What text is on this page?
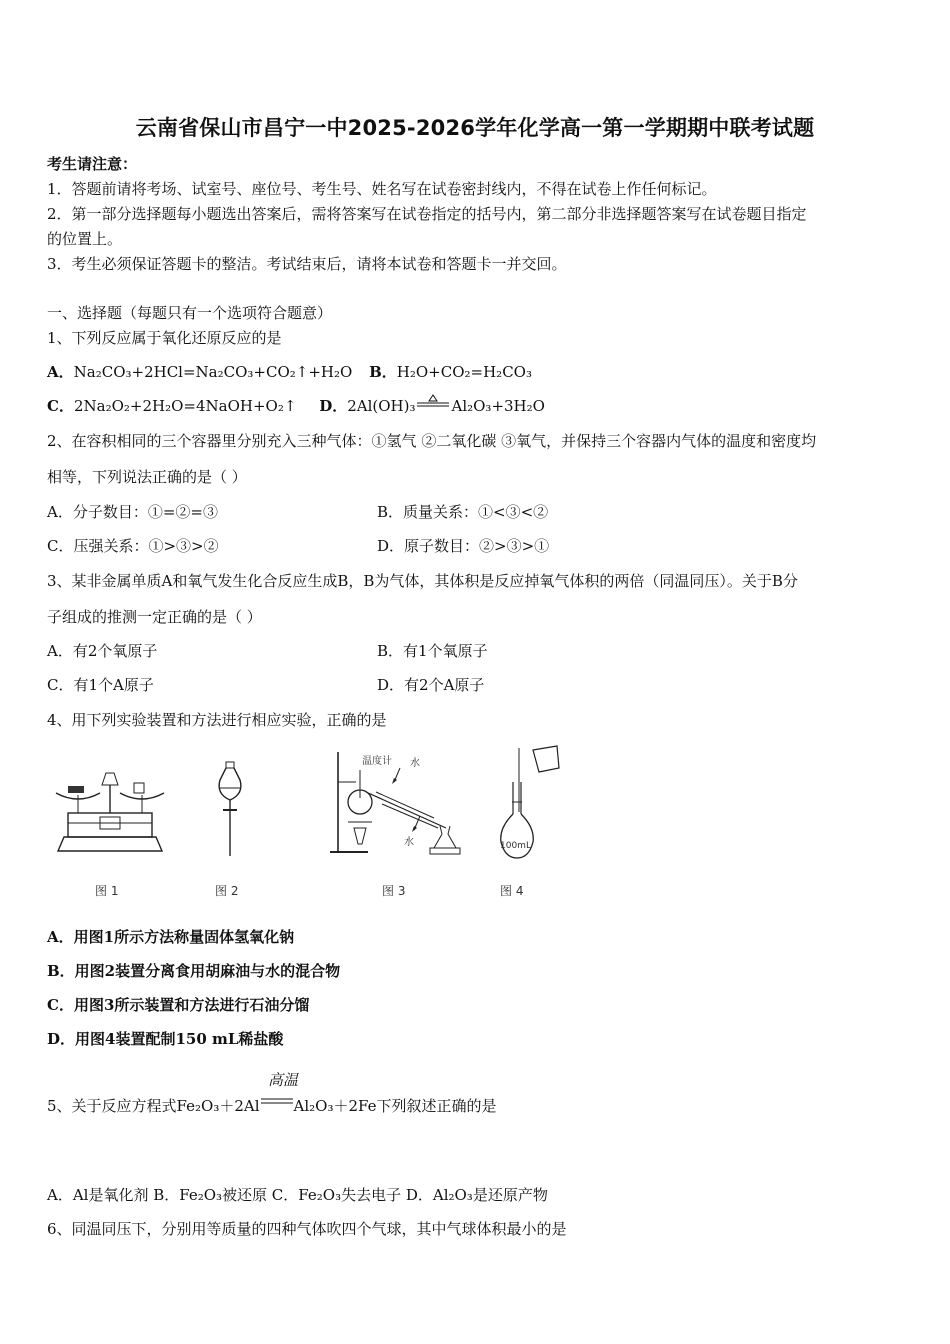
云南省保山市昌宁一中2025-2026学年化学高一第一学期期中联考试题
考生请注意：
1．答题前请将考场、试室号、座位号、考生号、姓名写在试卷密封线内，不得在试卷上作任何标记。
2．第一部分选择题每小题选出答案后，需将答案写在试卷指定的括号内，第二部分非选择题答案写在试卷题目指定
的位置上。
3．考生必须保证答题卡的整洁。考试结束后，请将本试卷和答题卡一并交回。
一、选择题（每题只有一个选项符合题意）
1、下列反应属于氧化还原反应的是
A．Na₂CO₃+2HCl=Na₂CO₃+CO₂↑+H₂O B．H₂O+CO₂=H₂CO₃
C．2Na₂O₂+2H₂O=4NaOH+O₂↑ D．2Al(OH)₃ Al₂O₃+3H₂O
2、在容积相同的三个容器里分别充入三种气体：①氢气 ②二氧化碳 ③氧气，并保持三个容器内气体的温度和密度均
相等，下列说法正确的是（ ）
A．分子数目：①=②=③	B．质量关系：①<③<②
C．压强关系：①>③>②	D．原子数目：②>③>①
3、某非金属单质A和氧气发生化合反应生成B，B为气体，其体积是反应掉氧气体积的两倍（同温同压）。关于B分
子组成的推测一定正确的是（ ）
A．有2个氧原子	B．有1个氧原子
C．有1个A原子	D．有2个A原子
4、用下列实验装置和方法进行相应实验，正确的是
图 1	图 2
温度计 水
水
图 3
100mL
图 4
A．用图1所示方法称量固体氢氧化钠
B．用图2装置分离食用胡麻油与水的混合物
C．用图3所示装置和方法进行石油分馏
D．用图4装置配制150 mL稀盐酸
高温
5、关于反应方程式Fe₂O₃＋2Al Al₂O₃＋2Fe下列叙述正确的是
A．Al是氧化剂 B．Fe₂O₃被还原 C．Fe₂O₃失去电子 D．Al₂O₃是还原产物
6、同温同压下，分别用等质量的四种气体吹四个气球，其中气球体积最小的是
